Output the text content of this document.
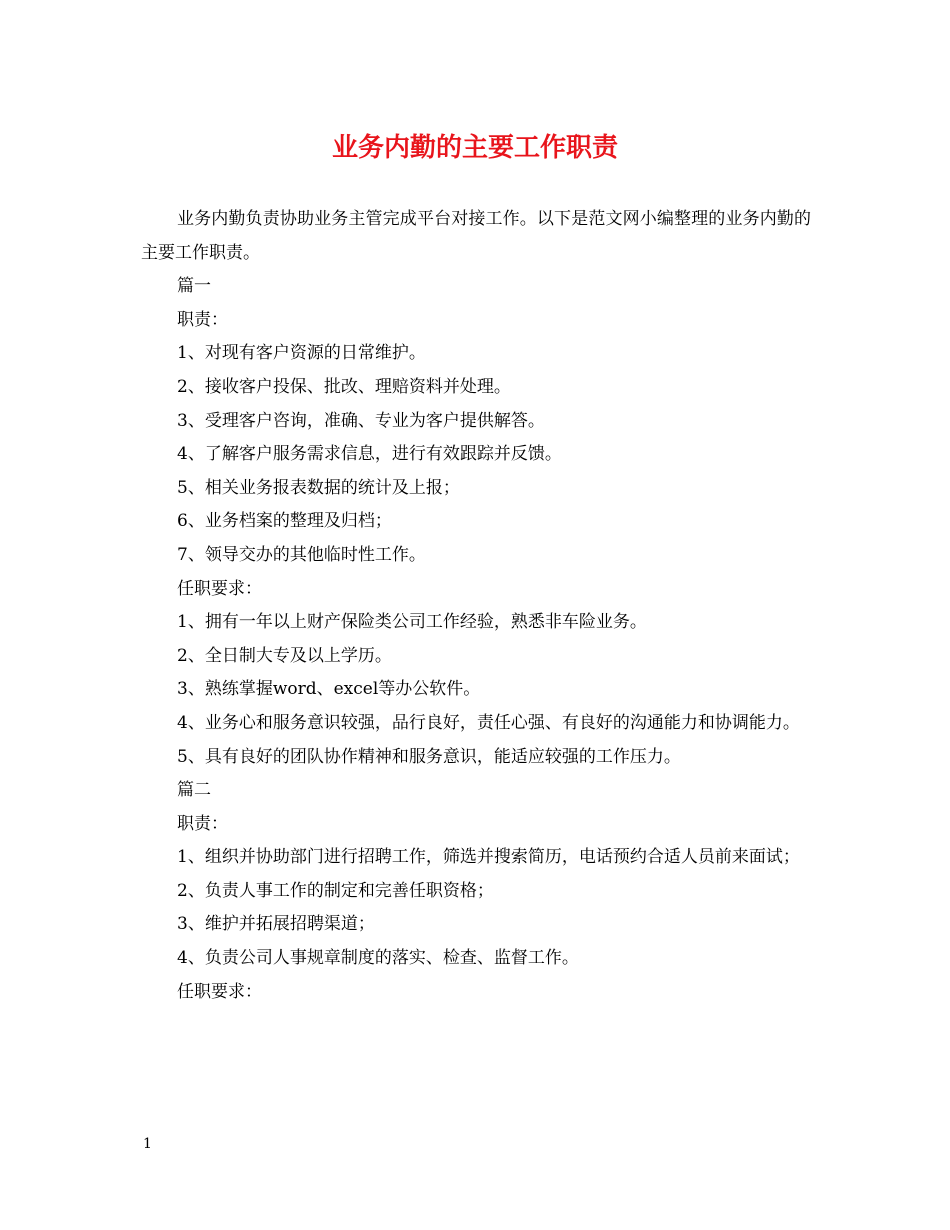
业务内勤的主要工作职责

业务内勤负责协助业务主管完成平台对接工作。以下是范文网小编整理的业务内勤的主要工作职责。

篇一

职责：

1、对现有客户资源的日常维护。

2、接收客户投保、批改、理赔资料并处理。

3、受理客户咨询，准确、专业为客户提供解答。

4、了解客户服务需求信息，进行有效跟踪并反馈。

5、相关业务报表数据的统计及上报；

6、业务档案的整理及归档；

7、领导交办的其他临时性工作。

任职要求：

1、拥有一年以上财产保险类公司工作经验，熟悉非车险业务。

2、全日制大专及以上学历。

3、熟练掌握word、excel等办公软件。

4、业务心和服务意识较强，品行良好，责任心强、有良好的沟通能力和协调能力。

5、具有良好的团队协作精神和服务意识，能适应较强的工作压力。

篇二

职责：

1、组织并协助部门进行招聘工作，筛选并搜索简历，电话预约合适人员前来面试；

2、负责人事工作的制定和完善任职资格；

3、维护并拓展招聘渠道；

4、负责公司人事规章制度的落实、检查、监督工作。

任职要求：

1
